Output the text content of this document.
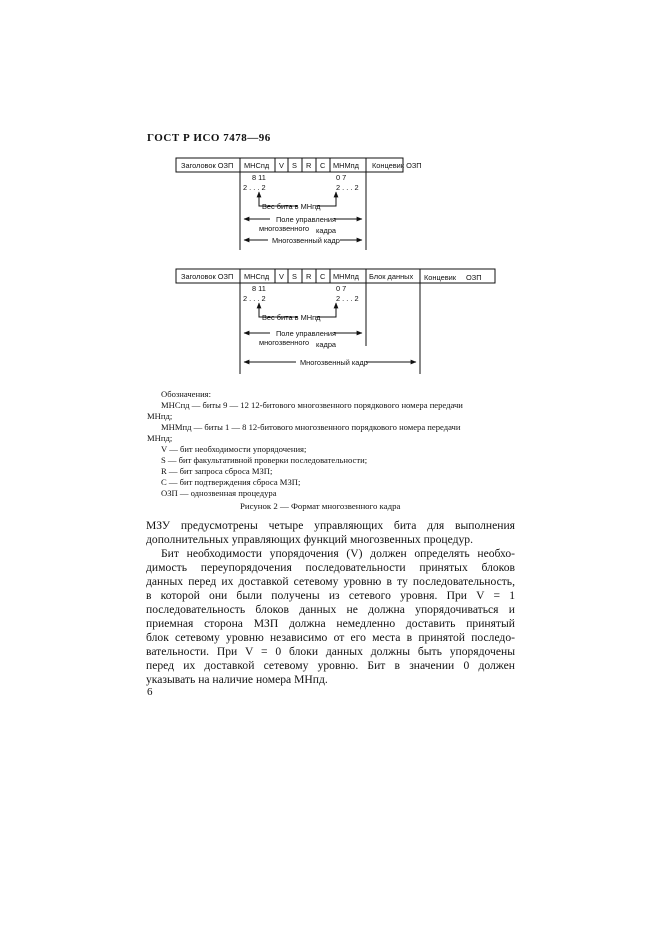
ГОСТ Р ИСО 7478—96
Заголовок ОЗП МНСпд V S R C МНМпд Концевик ОЗП
8 11
2 . . . 2
0 7
2 . . . 2
Вес бита в МНпд
Поле управления
многозвенного кадра
Многозвенный кадр
Заголовок ОЗП МНСпд V S R C МНМпд Блок данных Концевик ОЗП
8 11
2 . . . 2
0 7
2 . . . 2
Вес бита в МНпд
Поле управления
многозвенного кадра
Многозвенный кадр
Обозначения:
МНСпд — биты 9 — 12 12-битового многозвенного порядкового номера передачи
МНпд;
МНМпд — биты 1 — 8 12-битового многозвенного порядкового номера передачи
МНпд;
V — бит необходимости упорядочения;
S — бит факультативной проверки последовательности;
R — бит запроса сброса МЗП;
С — бит подтверждения сброса МЗП;
ОЗП — однозвенная процедура
Рисунок 2 — Формат многозвенного кадра
МЗУ предусмотрены четыре управляющих бита для выполнения
дополнительных управляющих функций многозвенных процедур.
Бит необходимости упорядочения (V) должен определять необхо-
димость переупорядочения последовательности принятых блоков
данных перед их доставкой сетевому уровню в ту последовательность,
в которой они были получены из сетевого уровня. При V = 1
последовательность блоков данных не должна упорядочиваться и
приемная сторона МЗП должна немедленно доставить принятый
блок сетевому уровню независимо от его места в принятой последо-
вательности. При V = 0 блоки данных должны быть упорядочены
перед их доставкой сетевому уровню. Бит в значении 0 должен
указывать на наличие номера МНпд.
6
